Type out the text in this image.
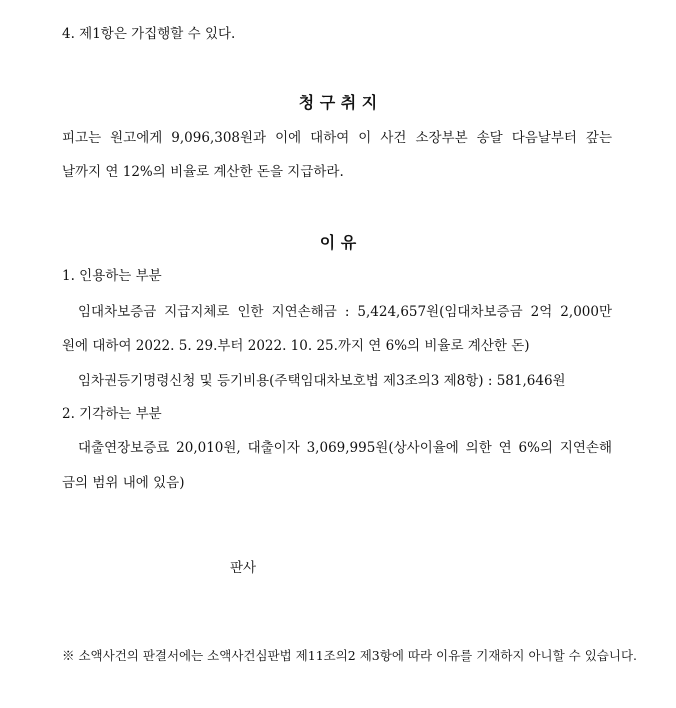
4. 제1항은 가집행할 수 있다.
청 구 취 지
피고는 원고에게 9,096,308원과 이에 대하여 이 사건 소장부본 송달 다음날부터 갚는
날까지 연 12%의 비율로 계산한 돈을 지급하라.
이 유
1. 인용하는 부분
임대차보증금 지급지체로 인한 지연손해금 : 5,424,657원(임대차보증금 2억 2,000만
원에 대하여 2022. 5. 29.부터 2022. 10. 25.까지 연 6%의 비율로 계산한 돈)
임차권등기명령신청 및 등기비용(주택임대차보호법 제3조의3 제8항) : 581,646원
2. 기각하는 부분
대출연장보증료 20,010원, 대출이자 3,069,995원(상사이율에 의한 연 6%의 지연손해
금의 범위 내에 있음)
판사
※ 소액사건의 판결서에는 소액사건심판법 제11조의2 제3항에 따라 이유를 기재하지 아니할 수 있습니다.
